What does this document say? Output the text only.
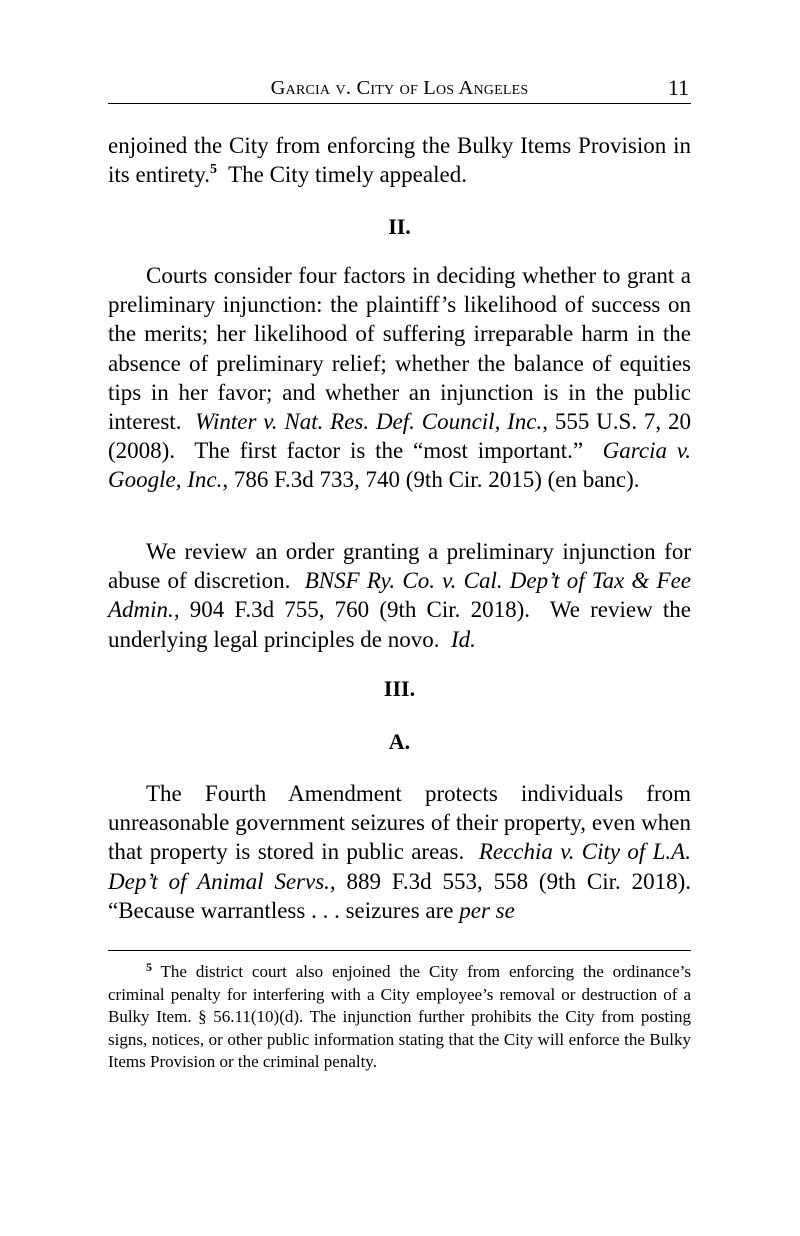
Garcia v. City of Los Angeles	11
enjoined the City from enforcing the Bulky Items Provision in its entirety.$^5$  The City timely appealed.
II.
Courts consider four factors in deciding whether to grant a preliminary injunction: the plaintiff’s likelihood of success on the merits; her likelihood of suffering irreparable harm in the absence of preliminary relief; whether the balance of equities tips in her favor; and whether an injunction is in the public interest.  Winter v. Nat. Res. Def. Council, Inc., 555 U.S. 7, 20 (2008).  The first factor is the “most important.”  Garcia v. Google, Inc., 786 F.3d 733, 740 (9th Cir. 2015) (en banc).
We review an order granting a preliminary injunction for abuse of discretion.  BNSF Ry. Co. v. Cal. Dep’t of Tax & Fee Admin., 904 F.3d 755, 760 (9th Cir. 2018).  We review the underlying legal principles de novo.  Id.
III.
A.
The Fourth Amendment protects individuals from unreasonable government seizures of their property, even when that property is stored in public areas.  Recchia v. City of L.A. Dep’t of Animal Servs., 889 F.3d 553, 558 (9th Cir. 2018).  “Because warrantless . . . seizures are per se
$^5$ The district court also enjoined the City from enforcing the ordinance’s criminal penalty for interfering with a City employee’s removal or destruction of a Bulky Item. § 56.11(10)(d). The injunction further prohibits the City from posting signs, notices, or other public information stating that the City will enforce the Bulky Items Provision or the criminal penalty.
